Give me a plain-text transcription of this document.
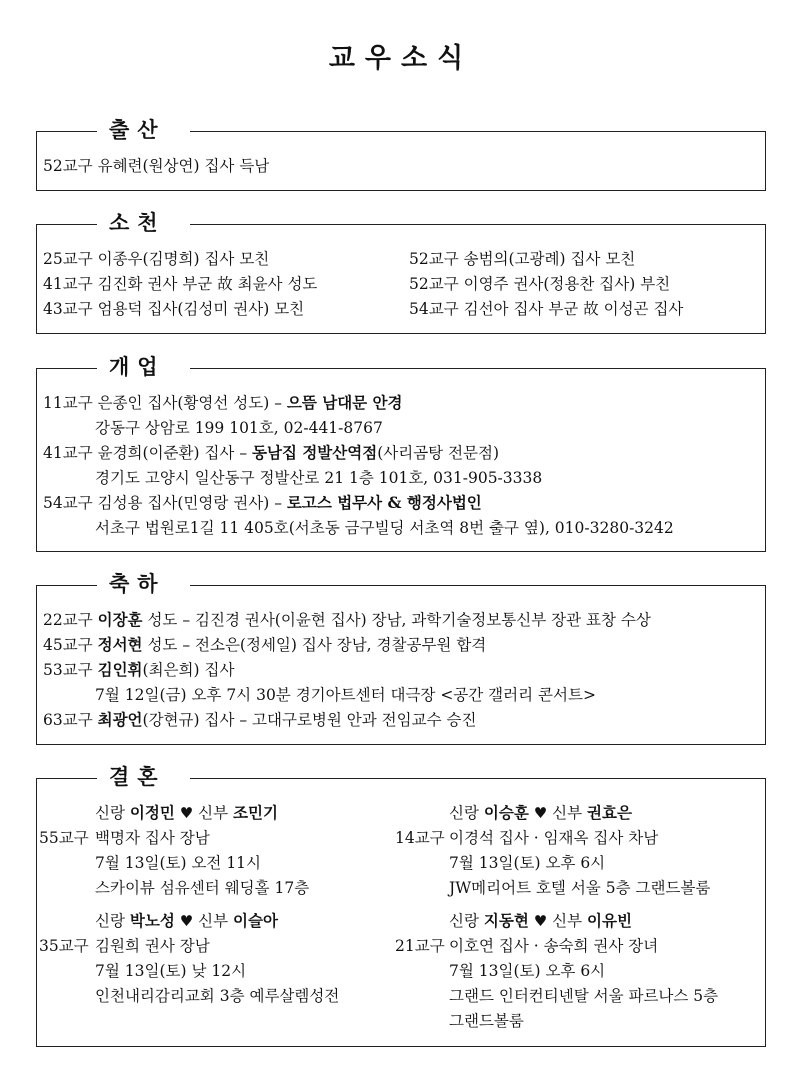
교우소식
출산
52교구 유혜련(원상연) 집사 득남
소천
25교구 이종우(김명희) 집사 모친
41교구 김진화 권사 부군 故 최윤사 성도
43교구 엄용덕 집사(김성미 권사) 모친
52교구 송범의(고광례) 집사 모친
52교구 이영주 권사(정용찬 집사) 부친
54교구 김선아 집사 부군 故 이성곤 집사
개업
11교구 은종인 집사(황영선 성도) – 으뜸 남대문 안경
강동구 상암로 199 101호, 02-441-8767
41교구 윤경희(이준환) 집사 – 동남집 정발산역점(사리곰탕 전문점)
경기도 고양시 일산동구 정발산로 21 1층 101호, 031-905-3338
54교구 김성용 집사(민영랑 권사) – 로고스 법무사 & 행정사법인
서초구 법원로1길 11 405호(서초동 금구빌딩 서초역 8번 출구 옆), 010-3280-3242
축하
22교구 이장훈 성도 – 김진경 권사(이윤현 집사) 장남, 과학기술정보통신부 장관 표창 수상
45교구 정서현 성도 – 전소은(정세일) 집사 장남, 경찰공무원 합격
53교구 김인휘(최은희) 집사
7월 12일(금) 오후 7시 30분 경기아트센터 대극장 <공간 갤러리 콘서트>
63교구 최광언(강현규) 집사 – 고대구로병원 안과 전임교수 승진
결혼
신랑 이정민 ♥ 신부 조민기
55교구 백명자 집사 장남
7월 13일(토) 오전 11시
스카이뷰 섬유센터 웨딩홀 17층
신랑 이승훈 ♥ 신부 권효은
14교구 이경석 집사 · 임재옥 집사 차남
7월 13일(토) 오후 6시
JW메리어트 호텔 서울 5층 그랜드볼룸
신랑 박노성 ♥ 신부 이슬아
35교구 김원희 권사 장남
7월 13일(토) 낮 12시
인천내리감리교회 3층 예루살렘성전
신랑 지동현 ♥ 신부 이유빈
21교구 이호연 집사 · 송숙희 권사 장녀
7월 13일(토) 오후 6시
그랜드 인터컨티넨탈 서울 파르나스 5층
그랜드볼룸
